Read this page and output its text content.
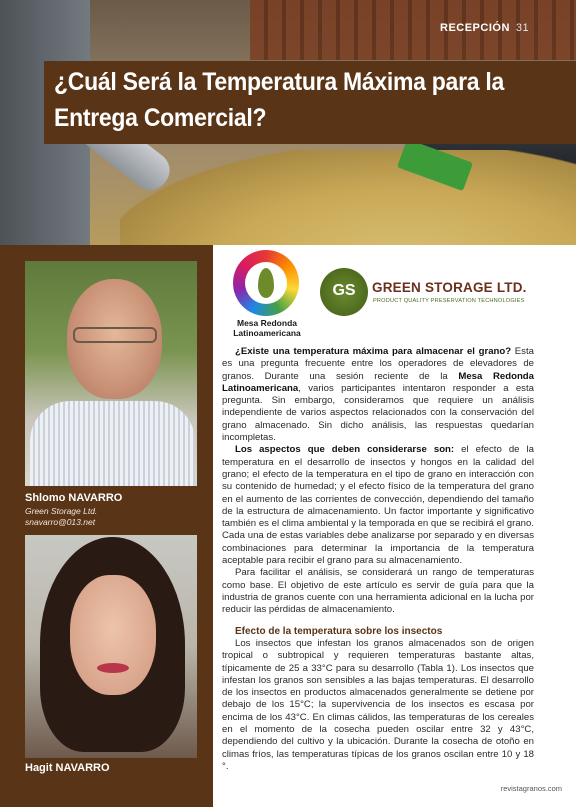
RECEPCIÓN 31
¿Cuál Será la Temperatura Máxima para la Entrega Comercial?

Shlomo NAVARRO

Green Storage Ltd.

snavarro@013.net

Hagit NAVARRO

Mesa Redonda
Latinoamericana
GS	GREEN STORAGE LTD.
PRODUCT QUALITY PRESERVATION TECHNOLOGIES

¿Existe una temperatura máxima para almacenar el grano? Esta es una pregunta frecuente entre los operadores de elevadores de granos. Durante una sesión reciente de la Mesa Redonda Latinoamericana, varios participantes intentaron responder a esta pregunta. Sin embargo, consideramos que requiere un análisis independiente de varios aspectos relacionados con la conservación del grano almacenado. Sin dicho análisis, las respuestas quedarían incompletas.

Los aspectos que deben considerarse son: el efecto de la temperatura en el desarrollo de insectos y hongos en la calidad del grano; el efecto de la temperatura en el tipo de grano en interacción con su contenido de humedad; y el efecto físico de la temperatura del grano en el aumento de las corrientes de convección, dependiendo del tamaño de la estructura de almacenamiento. Un factor importante y significativo también es el clima ambiental y la temporada en que se recibirá el grano. Cada una de estas variables debe analizarse por separado y en diversas combinaciones para determinar la importancia de la temperatura aceptable para recibir el grano para su almacenamiento.

Para facilitar el análisis, se considerará un rango de temperaturas como base. El objetivo de este artículo es servir de guía para que la industria de granos cuente con una herramienta adicional en la lucha por reducir las pérdidas de almacenamiento.

Efecto de la temperatura sobre los insectos

Los insectos que infestan los granos almacenados son de origen tropical o subtropical y requieren temperaturas bastante altas, típicamente de 25 a 33°C para su desarrollo (Tabla 1). Los insectos que infestan los granos son sensibles a las bajas temperaturas. El desarrollo de los insectos en productos almacenados generalmente se detiene por debajo de los 15°C; la supervivencia de los insectos es escasa por encima de los 43°C. En climas cálidos, las temperaturas de los cereales en el momento de la cosecha pueden oscilar entre 32 y 43°C, dependiendo del cultivo y la ubicación. Durante la cosecha de otoño en climas fríos, las temperaturas típicas de los granos oscilan entre 10 y 18 °.

revistagranos.com
